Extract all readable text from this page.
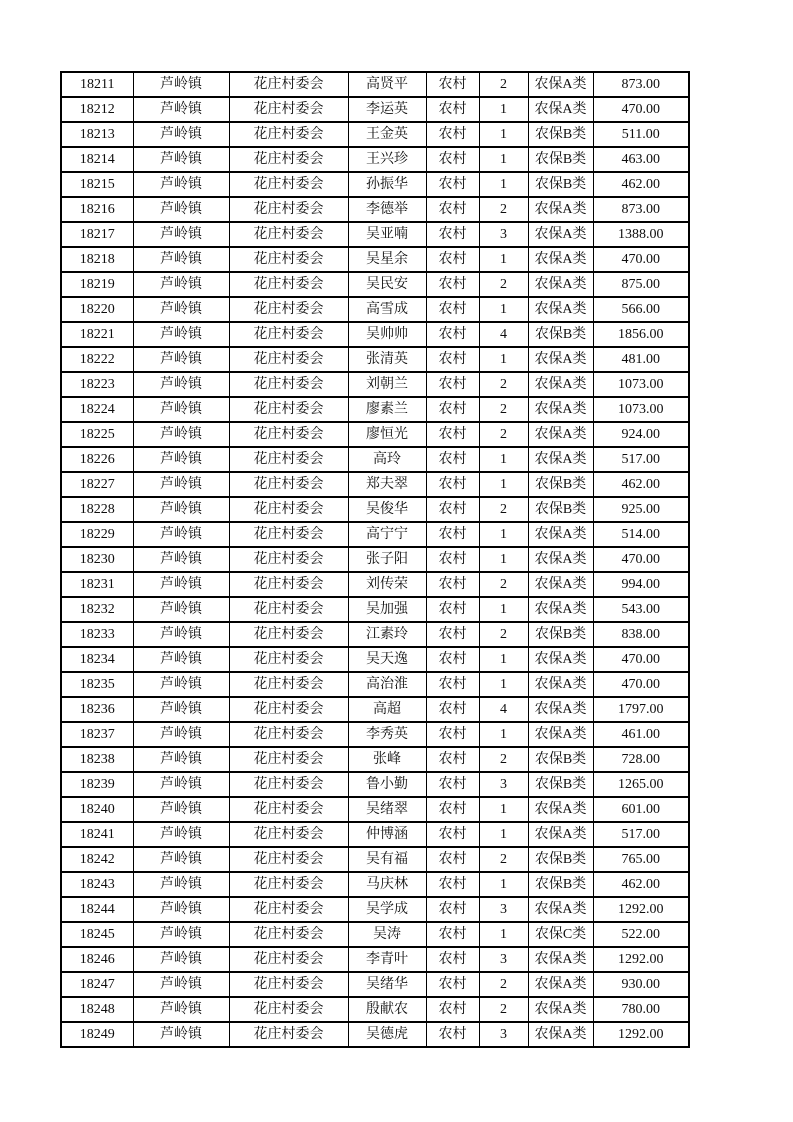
18211	芦岭镇	花庄村委会	高贤平	农村	2	农保A类	873.00
18212	芦岭镇	花庄村委会	李运英	农村	1	农保A类	470.00
18213	芦岭镇	花庄村委会	王金英	农村	1	农保B类	511.00
18214	芦岭镇	花庄村委会	王兴珍	农村	1	农保B类	463.00
18215	芦岭镇	花庄村委会	孙振华	农村	1	农保B类	462.00
18216	芦岭镇	花庄村委会	李德举	农村	2	农保A类	873.00
18217	芦岭镇	花庄村委会	吴亚喃	农村	3	农保A类	1388.00
18218	芦岭镇	花庄村委会	吴星余	农村	1	农保A类	470.00
18219	芦岭镇	花庄村委会	吴民安	农村	2	农保A类	875.00
18220	芦岭镇	花庄村委会	高雪成	农村	1	农保A类	566.00
18221	芦岭镇	花庄村委会	吴帅帅	农村	4	农保B类	1856.00
18222	芦岭镇	花庄村委会	张清英	农村	1	农保A类	481.00
18223	芦岭镇	花庄村委会	刘朝兰	农村	2	农保A类	1073.00
18224	芦岭镇	花庄村委会	廖素兰	农村	2	农保A类	1073.00
18225	芦岭镇	花庄村委会	廖恒光	农村	2	农保A类	924.00
18226	芦岭镇	花庄村委会	高玲	农村	1	农保A类	517.00
18227	芦岭镇	花庄村委会	郑夫翠	农村	1	农保B类	462.00
18228	芦岭镇	花庄村委会	吴俊华	农村	2	农保B类	925.00
18229	芦岭镇	花庄村委会	高宁宁	农村	1	农保A类	514.00
18230	芦岭镇	花庄村委会	张子阳	农村	1	农保A类	470.00
18231	芦岭镇	花庄村委会	刘传荣	农村	2	农保A类	994.00
18232	芦岭镇	花庄村委会	吴加强	农村	1	农保A类	543.00
18233	芦岭镇	花庄村委会	江素玲	农村	2	农保B类	838.00
18234	芦岭镇	花庄村委会	吴天逸	农村	1	农保A类	470.00
18235	芦岭镇	花庄村委会	高治淮	农村	1	农保A类	470.00
18236	芦岭镇	花庄村委会	高超	农村	4	农保A类	1797.00
18237	芦岭镇	花庄村委会	李秀英	农村	1	农保A类	461.00
18238	芦岭镇	花庄村委会	张峰	农村	2	农保B类	728.00
18239	芦岭镇	花庄村委会	鲁小勤	农村	3	农保B类	1265.00
18240	芦岭镇	花庄村委会	吴绪翠	农村	1	农保A类	601.00
18241	芦岭镇	花庄村委会	仲博涵	农村	1	农保A类	517.00
18242	芦岭镇	花庄村委会	吴有福	农村	2	农保B类	765.00
18243	芦岭镇	花庄村委会	马庆林	农村	1	农保B类	462.00
18244	芦岭镇	花庄村委会	吴学成	农村	3	农保A类	1292.00
18245	芦岭镇	花庄村委会	吴涛	农村	1	农保C类	522.00
18246	芦岭镇	花庄村委会	李青叶	农村	3	农保A类	1292.00
18247	芦岭镇	花庄村委会	吴绪华	农村	2	农保A类	930.00
18248	芦岭镇	花庄村委会	殷献农	农村	2	农保A类	780.00
18249	芦岭镇	花庄村委会	吴德虎	农村	3	农保A类	1292.00
